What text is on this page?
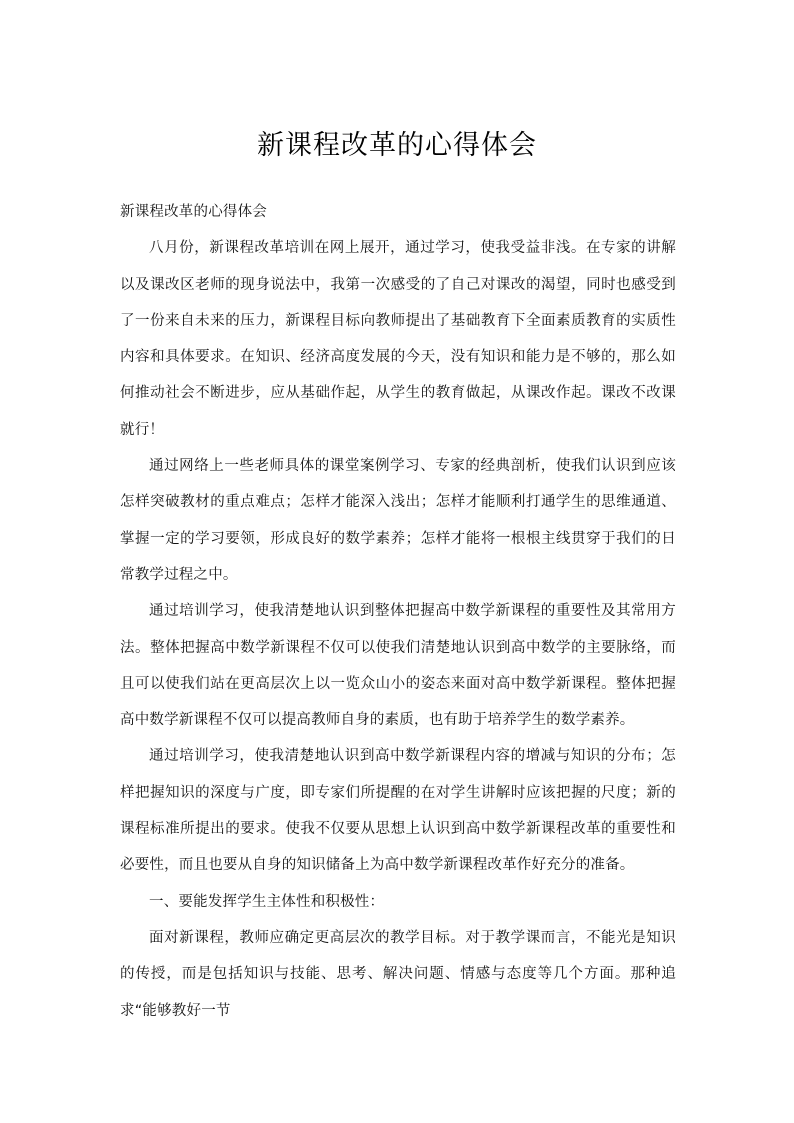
新课程改革的心得体会

新课程改革的心得体会

八月份，新课程改革培训在网上展开，通过学习，使我受益非浅。在专家的讲解以及课改区老师的现身说法中，我第一次感受的了自己对课改的渴望，同时也感受到了一份来自未来的压力，新课程目标向教师提出了基础教育下全面素质教育的实质性内容和具体要求。在知识、经济高度发展的今天，没有知识和能力是不够的，那么如何推动社会不断进步，应从基础作起，从学生的教育做起，从课改作起。课改不改课就行！

通过网络上一些老师具体的课堂案例学习、专家的经典剖析，使我们认识到应该怎样突破教材的重点难点；怎样才能深入浅出；怎样才能顺利打通学生的思维通道、掌握一定的学习要领，形成良好的数学素养；怎样才能将一根根主线贯穿于我们的日常教学过程之中。

通过培训学习，使我清楚地认识到整体把握高中数学新课程的重要性及其常用方法。整体把握高中数学新课程不仅可以使我们清楚地认识到高中数学的主要脉络，而且可以使我们站在更高层次上以一览众山小的姿态来面对高中数学新课程。整体把握高中数学新课程不仅可以提高教师自身的素质，也有助于培养学生的数学素养。

通过培训学习，使我清楚地认识到高中数学新课程内容的增减与知识的分布；怎样把握知识的深度与广度，即专家们所提醒的在对学生讲解时应该把握的尺度；新的课程标准所提出的要求。使我不仅要从思想上认识到高中数学新课程改革的重要性和必要性，而且也要从自身的知识储备上为高中数学新课程改革作好充分的准备。

一、要能发挥学生主体性和积极性：

面对新课程，教师应确定更高层次的教学目标。对于教学课而言，不能光是知识的传授，而是包括知识与技能、思考、解决问题、情感与态度等几个方面。那种追求“能够教好一节
